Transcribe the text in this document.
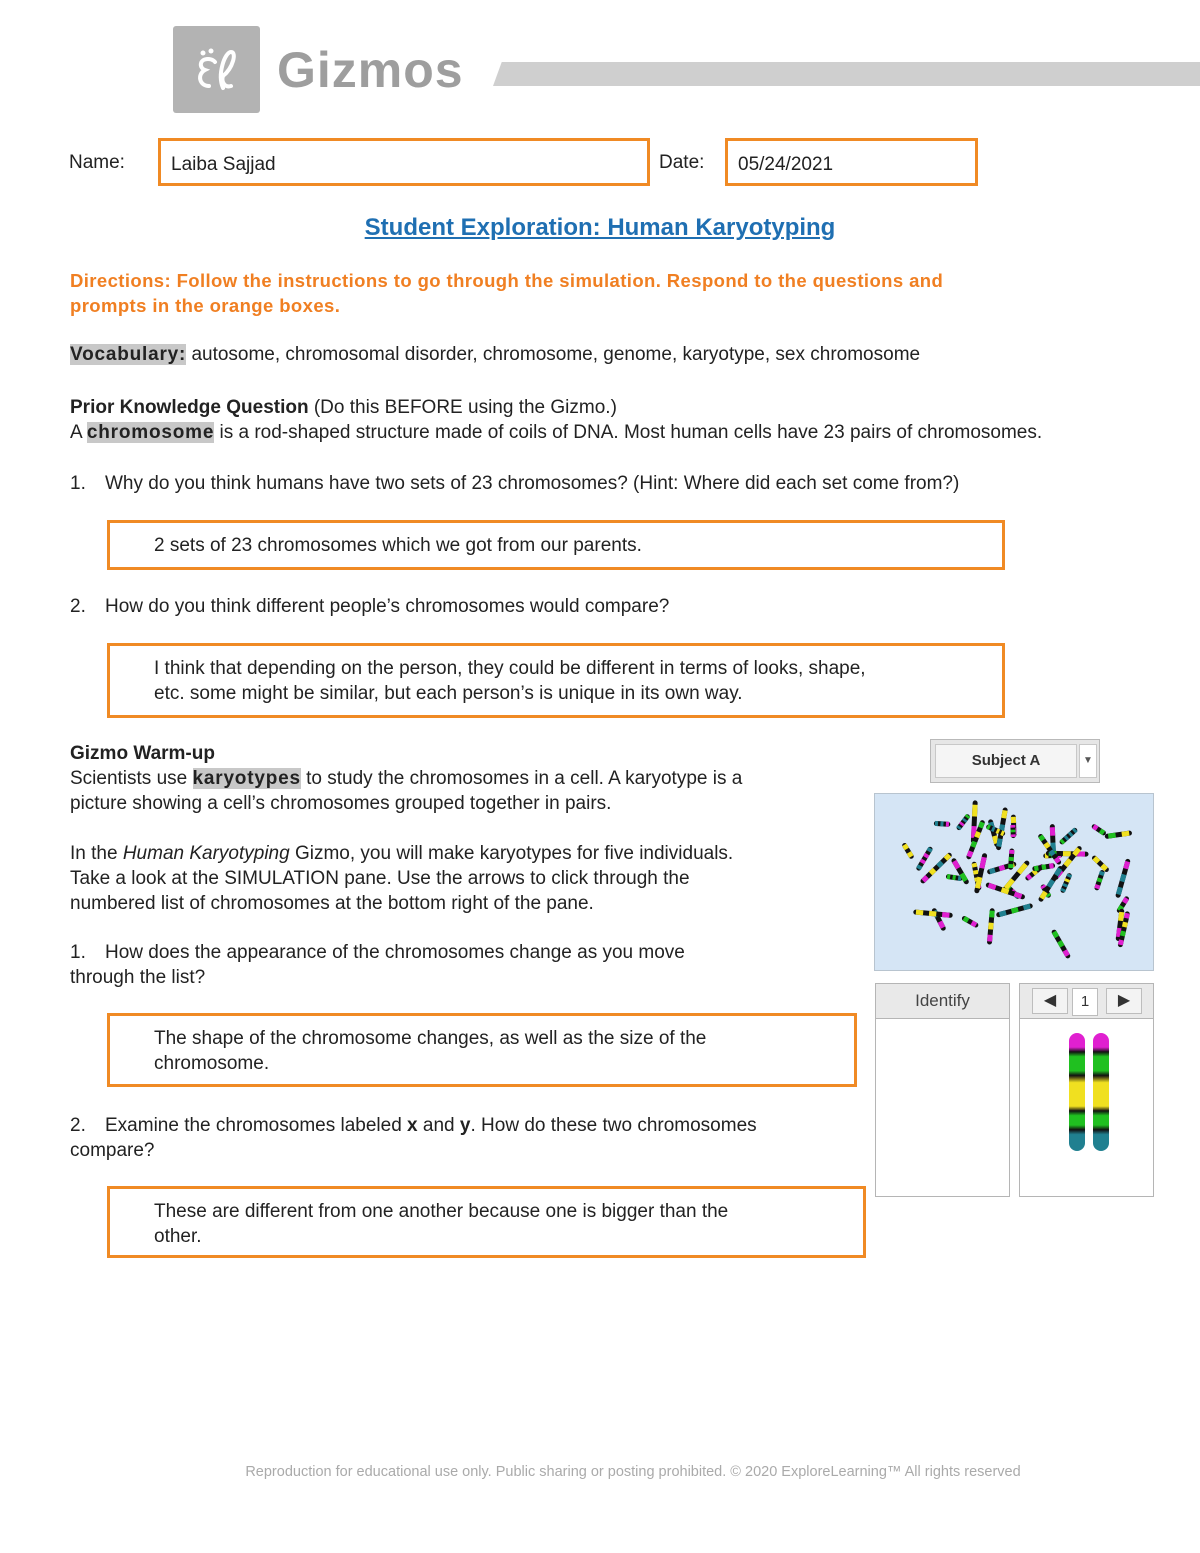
Gizmos
Name:	Laiba Sajjad	Date:	05/24/2021
Student Exploration: Human Karyotyping
Directions: Follow the instructions to go through the simulation. Respond to the questions and
prompts in the orange boxes.
Vocabulary: autosome, chromosomal disorder, chromosome, genome, karyotype, sex chromosome
Prior Knowledge Question (Do this BEFORE using the Gizmo.)
A chromosome is a rod-shaped structure made of coils of DNA. Most human cells have 23 pairs of chromosomes.
1. Why do you think humans have two sets of 23 chromosomes? (Hint: Where did each set come from?)
2 sets of 23 chromosomes which we got from our parents.
2. How do you think different people’s chromosomes would compare?
I think that depending on the person, they could be different in terms of looks, shape,
etc. some might be similar, but each person’s is unique in its own way.
Gizmo Warm-up
Scientists use karyotypes to study the chromosomes in a cell. A karyotype is a
picture showing a cell’s chromosomes grouped together in pairs.
In the Human Karyotyping Gizmo, you will make karyotypes for five individuals.
Take a look at the SIMULATION pane. Use the arrows to click through the
numbered list of chromosomes at the bottom right of the pane.
1. How does the appearance of the chromosomes change as you move
through the list?
The shape of the chromosome changes, as well as the size of the
chromosome.
2. Examine the chromosomes labeled x and y. How do these two chromosomes
compare?
These are different from one another because one is bigger than the
other.
Subject A	▼
Identify	◀	1	▶
Reproduction for educational use only. Public sharing or posting prohibited. © 2020 ExploreLearning™ All rights reserved
